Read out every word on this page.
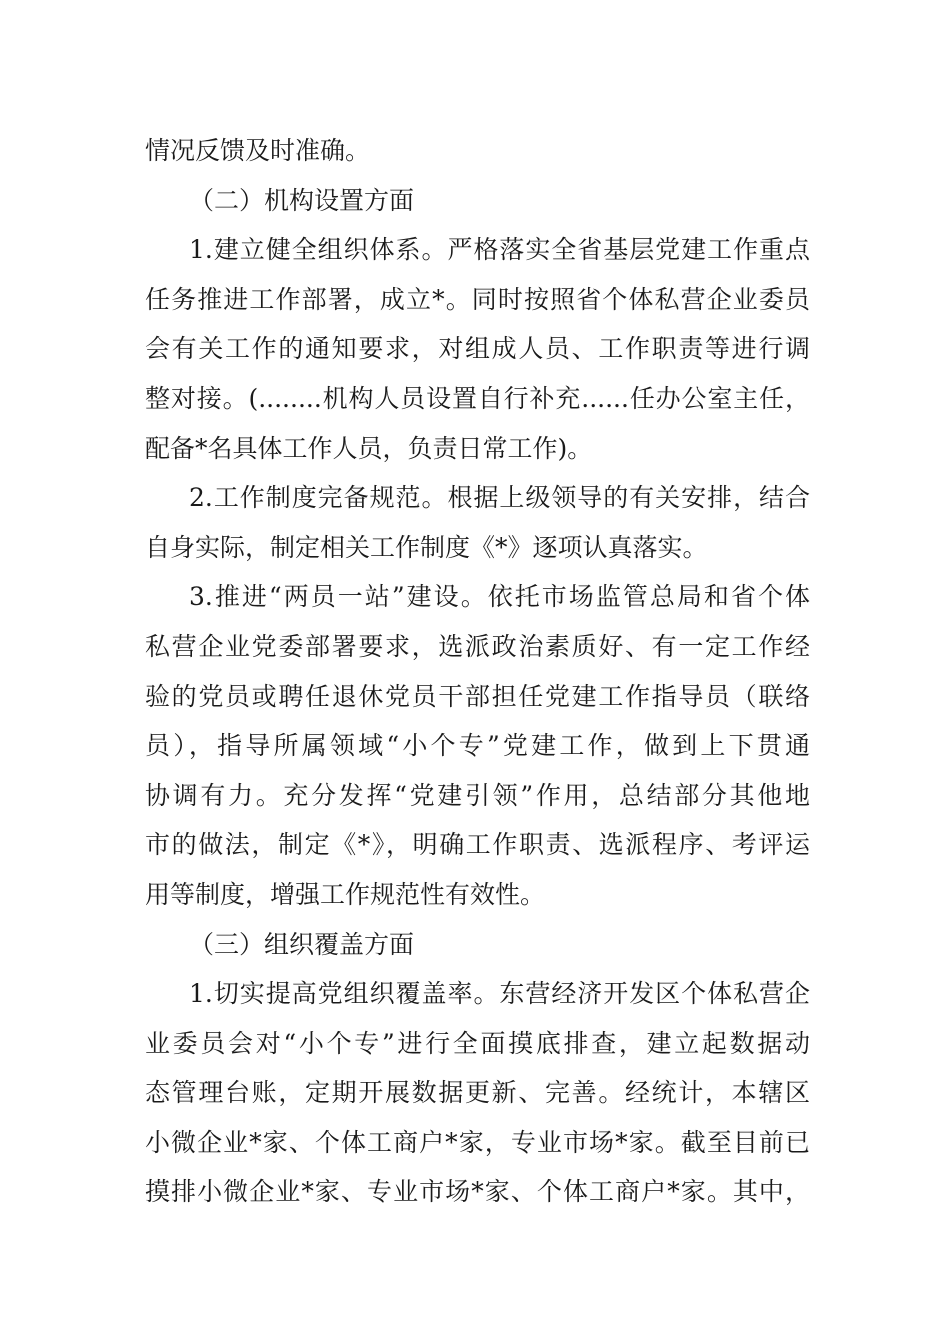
情况反馈及时准确。
（二）机构设置方面
1.建立健全组织体系。严格落实全省基层党建工作重点
任务推进工作部署，成立*。同时按照省个体私营企业委员
会有关工作的通知要求，对组成人员、工作职责等进行调
整对接。(........机构人员设置自行补充......任办公室主任，
配备*名具体工作人员，负责日常工作)。
2.工作制度完备规范。根据上级领导的有关安排，结合
自身实际，制定相关工作制度《*》逐项认真落实。
3.推进“两员一站”建设。依托市场监管总局和省个体
私营企业党委部署要求，选派政治素质好、有一定工作经
验的党员或聘任退休党员干部担任党建工作指导员（联络
员），指导所属领域“小个专”党建工作，做到上下贯通
协调有力。充分发挥“党建引领”作用，总结部分其他地
市的做法，制定《*》，明确工作职责、选派程序、考评运
用等制度，增强工作规范性有效性。
（三）组织覆盖方面
1.切实提高党组织覆盖率。东营经济开发区个体私营企
业委员会对“小个专”进行全面摸底排查，建立起数据动
态管理台账，定期开展数据更新、完善。经统计，本辖区
小微企业*家、个体工商户*家，专业市场*家。截至目前已
摸排小微企业*家、专业市场*家、个体工商户*家。其中，
